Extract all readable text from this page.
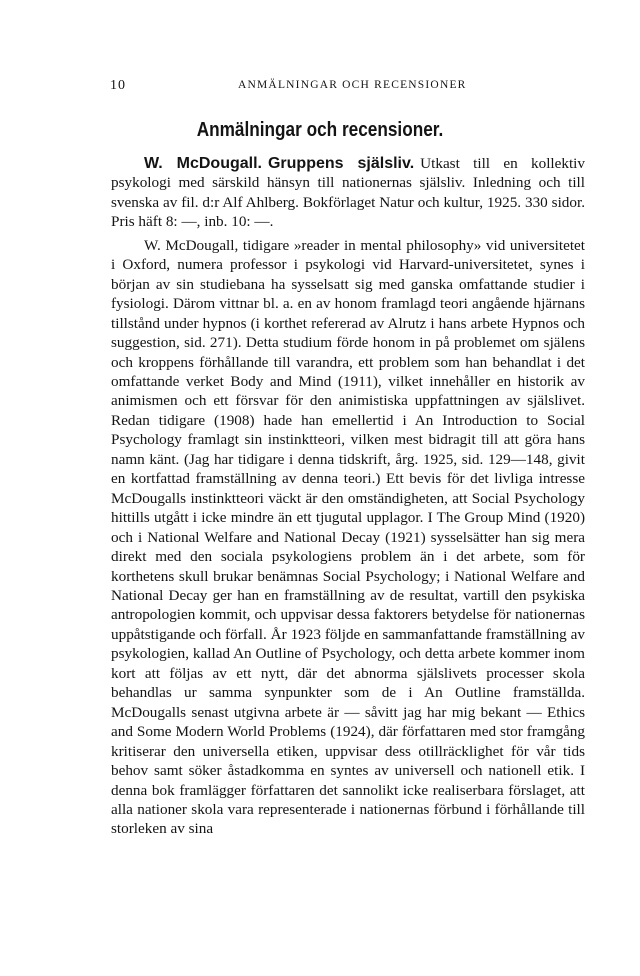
10	ANMÄLNINGAR OCH RECENSIONER
Anmälningar och recensioner.

W. McDougall. Gruppens själsliv. Utkast till en kollektiv psykologi med särskild hänsyn till nationernas själsliv. Inledning och till svenska av fil. d:r Alf Ahlberg. Bokförlaget Natur och kultur, 1925. 330 sidor. Pris häft 8: —, inb. 10: —.

W. McDougall, tidigare »reader in mental philosophy» vid universitetet i Oxford, numera professor i psykologi vid Harvard-universitetet, synes i början av sin studiebana ha sysselsatt sig med ganska omfattande studier i fysiologi. Därom vittnar bl. a. en av honom framlagd teori angående hjärnans tillstånd under hypnos (i korthet refererad av Alrutz i hans arbete Hypnos och suggestion, sid. 271). Detta studium förde honom in på problemet om själens och kroppens förhållande till varandra, ett problem som han behandlat i det omfattande verket Body and Mind (1911), vilket innehåller en historik av animismen och ett försvar för den animistiska uppfattningen av själslivet. Redan tidigare (1908) hade han emellertid i An Introduction to Social Psychology framlagt sin instinktteori, vilken mest bidragit till att göra hans namn känt. (Jag har tidigare i denna tidskrift, årg. 1925, sid. 129—148, givit en kortfattad framställning av denna teori.) Ett bevis för det livliga intresse McDougalls instinktteori väckt är den omständigheten, att Social Psychology hittills utgått i icke mindre än ett tjugutal upplagor. I The Group Mind (1920) och i National Welfare and National Decay (1921) sysselsätter han sig mera direkt med den sociala psykologiens problem än i det arbete, som för korthetens skull brukar benämnas Social Psychology; i National Welfare and National Decay ger han en framställning av de resultat, vartill den psykiska antropologien kommit, och uppvisar dessa faktorers betydelse för nationernas uppåtstigande och förfall. År 1923 följde en sammanfattande framställning av psykologien, kallad An Outline of Psychology, och detta arbete kommer inom kort att följas av ett nytt, där det abnorma själslivets processer skola behandlas ur samma synpunkter som de i An Outline framställda. McDougalls senast utgivna arbete är — såvitt jag har mig bekant — Ethics and Some Modern World Problems (1924), där författaren med stor framgång kritiserar den universella etiken, uppvisar dess otillräcklighet för vår tids behov samt söker åstadkomma en syntes av universell och nationell etik. I denna bok framlägger författaren det sannolikt icke realiserbara förslaget, att alla nationer skola vara representerade i nationernas förbund i förhållande till storleken av sina
